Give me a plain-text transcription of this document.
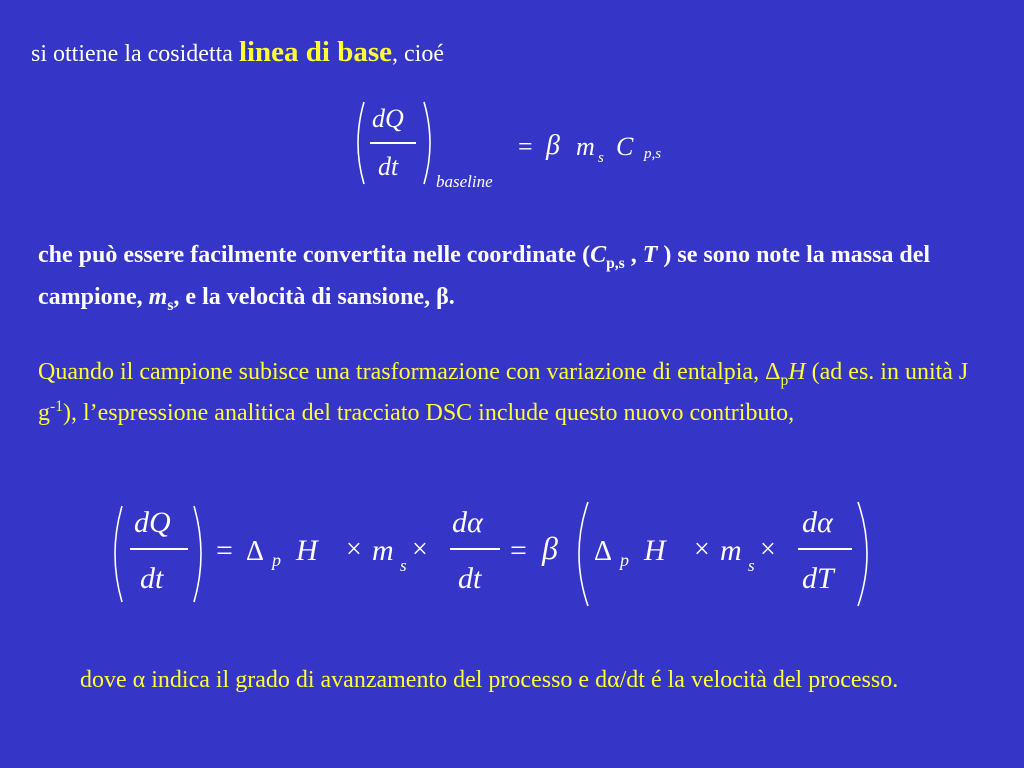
si ottiene la cosidetta linea di base, cioé
dQ
dt
baseline
= β m s C p,s
che può essere facilmente convertita nelle coordinate ($C_{p,s}$ , T ) se sono note la massa del campione, $m_s$, e la velocità di sansione, β.
Quando il campione subisce una trasformazione con variazione di entalpia, $\Delta_pH$ (ad es. in unità J $g^{-1}$), l’espressione analitica del tracciato DSC include questo nuovo contributo,
dQ
dt
= Δ p H × m s
×
dα
dt
= β Δ p H × m s
×
dα
dT
dove α indica il grado di avanzamento del processo e dα/dt é la velocità del processo.
